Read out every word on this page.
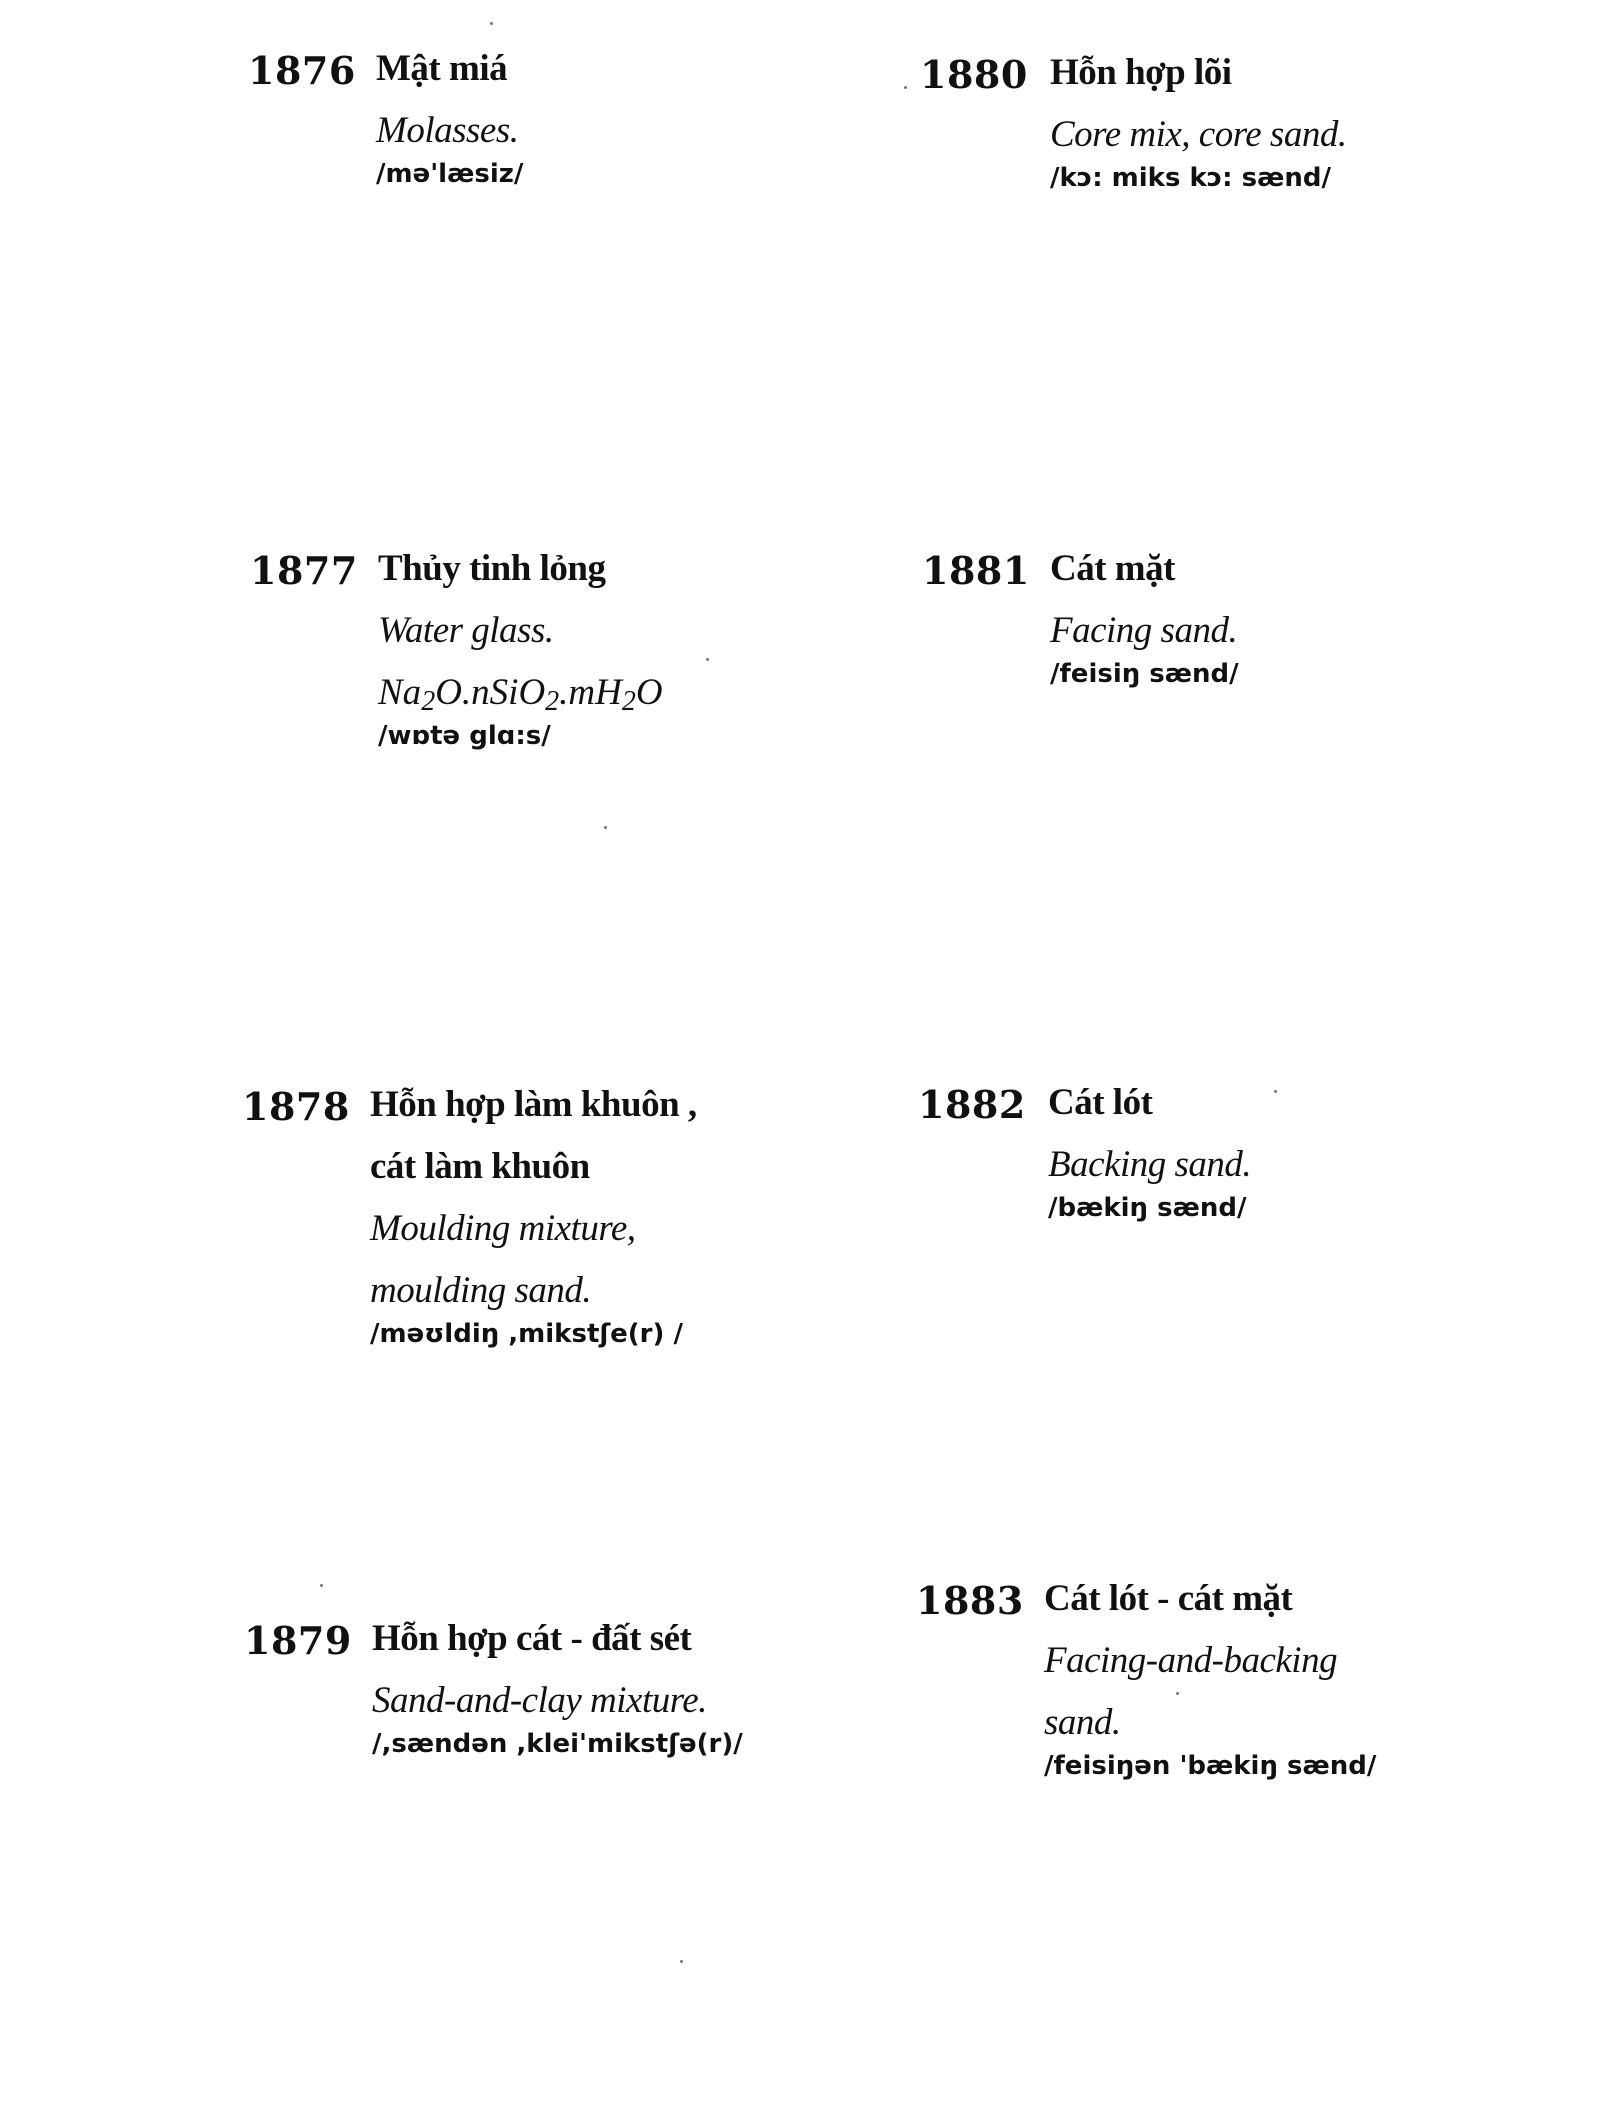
1876 Mật miá
Molasses.
/mə'læsiz/
1877 Thủy tinh lỏng
Water glass.
$Na_2O.nSiO_2.mH_2O$
/wɒtə glɑ:s/
1878 Hỗn hợp làm khuôn ,
cát làm khuôn
Moulding mixture,
moulding sand.
/məʊldiŋ ,mikstʃe(r) /
1879 Hỗn hợp cát - đất sét
Sand-and-clay mixture.
/,sændən ,klei'mikstʃə(r)/
1880 Hỗn hợp lõi
Core mix, core sand.
/kɔ: miks kɔ: sænd/
1881 Cát mặt
Facing sand.
/feisiŋ sænd/
1882 Cát lót
Backing sand.
/bækiŋ sænd/
1883 Cát lót - cát mặt
Facing-and-backing
sand.
/feisiŋən 'bækiŋ sænd/
